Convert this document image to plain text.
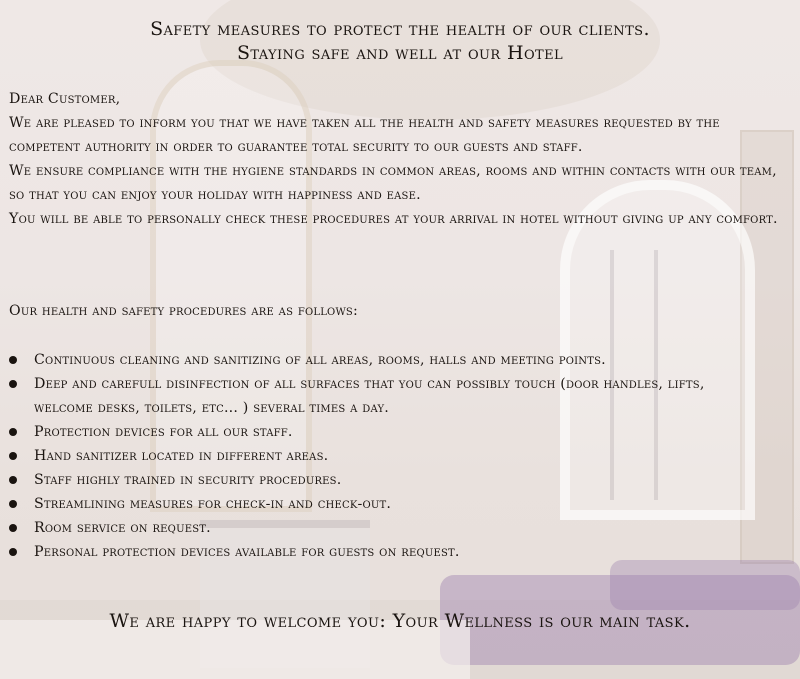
Safety measures to protect the health of our clients.
Staying safe and well at our Hotel

Dear Customer,

We are pleased to inform you that we have taken all the health and safety measures requested by the competent authority in order to guarantee total security to our guests and staff.

We ensure compliance with the hygiene standards in common areas, rooms and within contacts with our team, so that you can enjoy your holiday with happiness and ease.

You will be able to personally check these procedures at your arrival in hotel without giving up any comfort.

Our health and safety procedures are as follows:
Continuous cleaning and sanitizing of all areas, rooms, halls and meeting points.
Deep and carefull disinfection of all surfaces that you can possibly touch (door handles, lifts, welcome desks, toilets, etc... ) several times a day.
Protection devices for all our staff.
Hand sanitizer located in different areas.
Staff highly trained in security procedures.
Streamlining measures for check-in and check-out.
Room service on request.
Personal protection devices available for guests on request.
We are happy to welcome you: Your Wellness is our main task.
